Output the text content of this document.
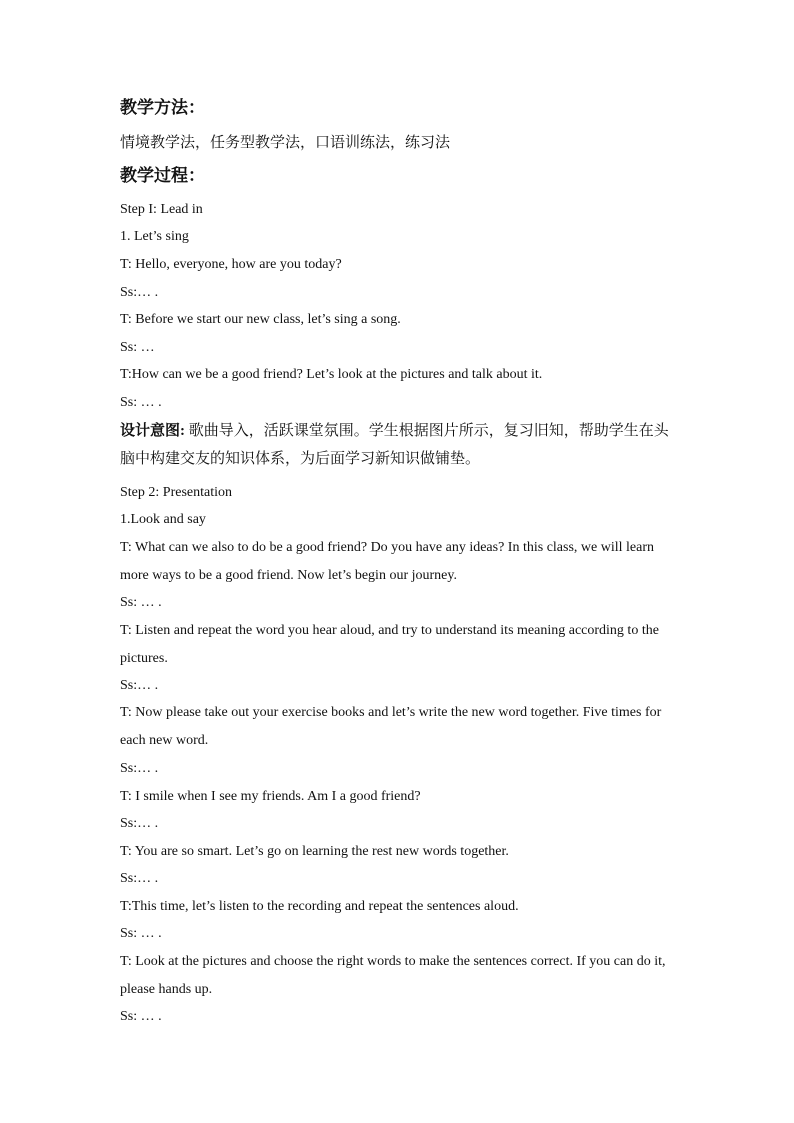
教学方法：
情境教学法，任务型教学法，口语训练法，练习法
教学过程：
Step I: Lead in
1. Let’s sing
T: Hello, everyone, how are you today?
Ss:… .
T: Before we start our new class, let’s sing a song.
Ss: …
T:How can we be a good friend? Let’s look at the pictures and talk about it.
Ss: … .
设计意图: 歌曲导入，活跃课堂氛围。学生根据图片所示，复习旧知，帮助学生在头脑中构建交友的知识体系，为后面学习新知识做铺垫。
Step 2: Presentation
1.Look and say
T: What can we also to do be a good friend? Do you have any ideas? In this class, we will learn more ways to be a good friend. Now let’s begin our journey.
Ss: … .
T: Listen and repeat the word you hear aloud, and try to understand its meaning according to the pictures.
Ss:… .
T: Now please take out your exercise books and let’s write the new word together. Five times for each new word.
Ss:… .
T: I smile when I see my friends. Am I a good friend?
Ss:… .
T: You are so smart. Let’s go on learning the rest new words together.
Ss:… .
T:This time, let’s listen to the recording and repeat the sentences aloud.
Ss: … .
T: Look at the pictures and choose the right words to make the sentences correct. If you can do it, please hands up.
Ss: … .
